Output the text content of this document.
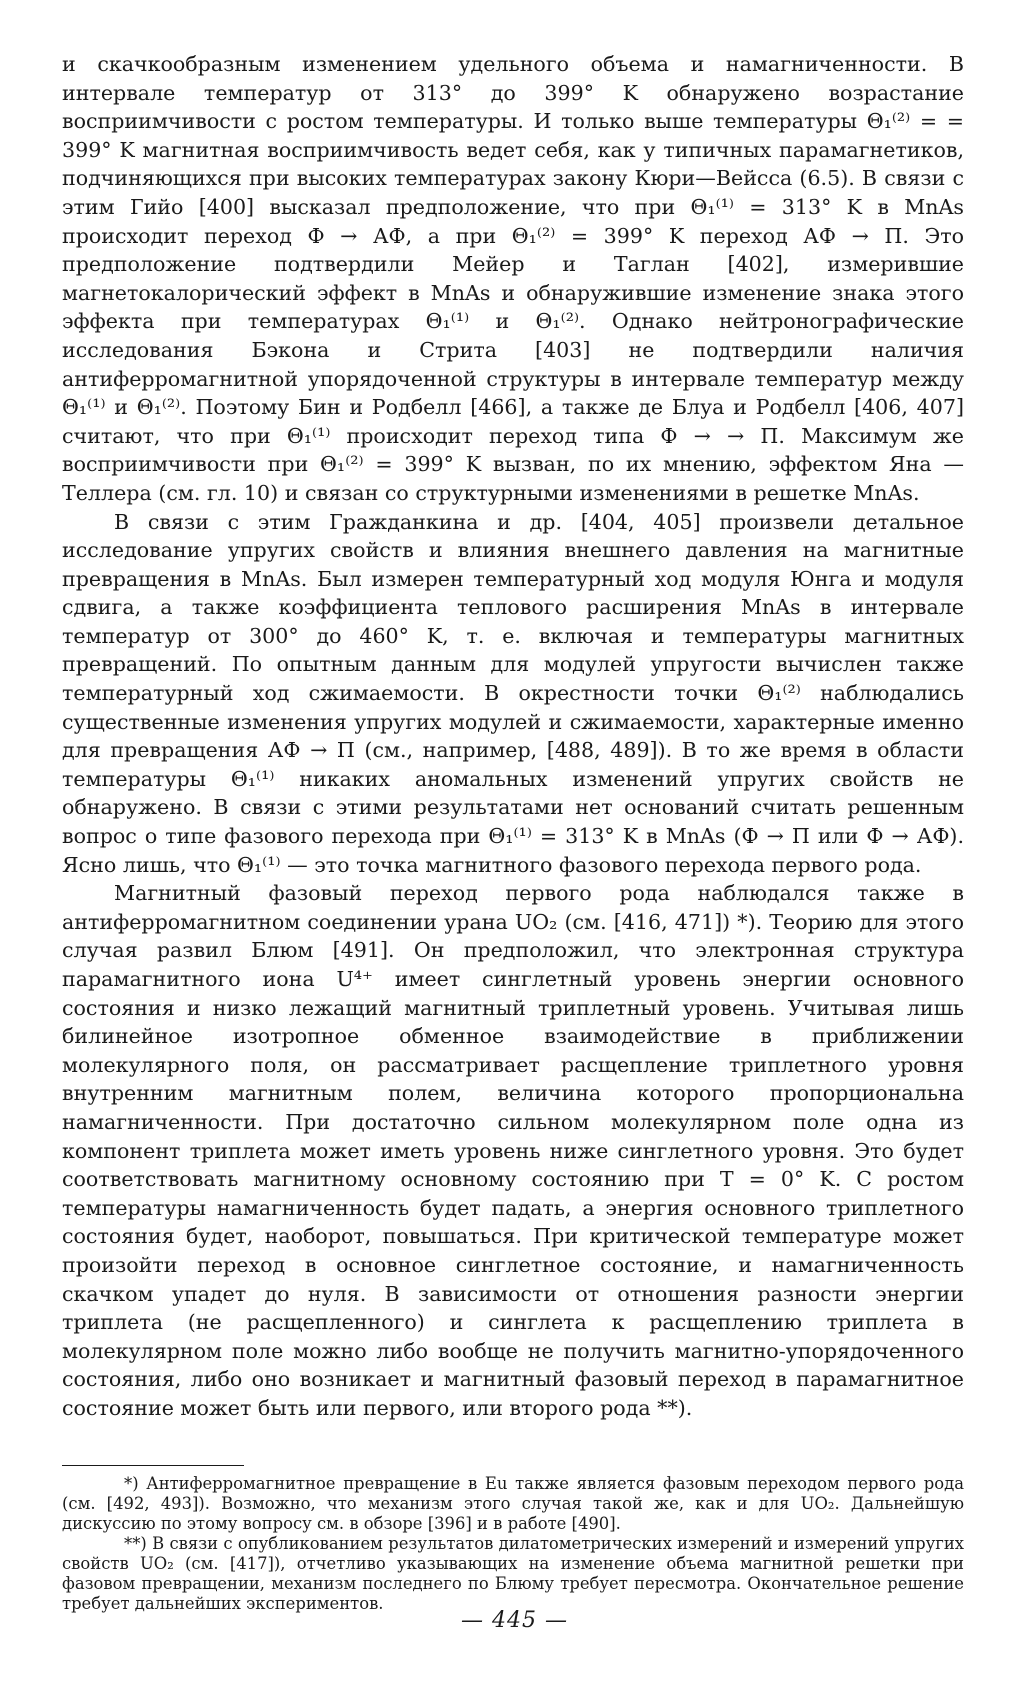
и скачкообразным изменением удельного объема и намагниченности. В интервале температур от 313° до 399° K обнаружено возрастание восприимчивости с ростом температуры. И только выше температуры Θ₁⁽²⁾ = = 399° K магнитная восприимчивость ведет себя, как у типичных парамагнетиков, подчиняющихся при высоких температурах закону Кюри—Вейсса (6.5). В связи с этим Гийо [400] высказал предположение, что при Θ₁⁽¹⁾ = 313° K в MnAs происходит переход Ф → АФ, а при Θ₁⁽²⁾ = 399° K переход АФ → П. Это предположение подтвердили Мейер и Таглан [402], измерившие магнетокалорический эффект в MnAs и обнаружившие изменение знака этого эффекта при температурах Θ₁⁽¹⁾ и Θ₁⁽²⁾. Однако нейтронографические исследования Бэкона и Стрита [403] не подтвердили наличия антиферромагнитной упорядоченной структуры в интервале температур между Θ₁⁽¹⁾ и Θ₁⁽²⁾. Поэтому Бин и Родбелл [466], а также де Блуа и Родбелл [406, 407] считают, что при Θ₁⁽¹⁾ происходит переход типа Ф → → П. Максимум же восприимчивости при Θ₁⁽²⁾ = 399° K вызван, по их мнению, эффектом Яна — Теллера (см. гл. 10) и связан со структурными изменениями в решетке MnAs.

В связи с этим Гражданкина и др. [404, 405] произвели детальное исследование упругих свойств и влияния внешнего давления на магнитные превращения в MnAs. Был измерен температурный ход модуля Юнга и модуля сдвига, а также коэффициента теплового расширения MnAs в интервале температур от 300° до 460° K, т. е. включая и температуры магнитных превращений. По опытным данным для модулей упругости вычислен также температурный ход сжимаемости. В окрестности точки Θ₁⁽²⁾ наблюдались существенные изменения упругих модулей и сжимаемости, характерные именно для превращения АФ → П (см., например, [488, 489]). В то же время в области температуры Θ₁⁽¹⁾ никаких аномальных изменений упругих свойств не обнаружено. В связи с этими результатами нет оснований считать решенным вопрос о типе фазового перехода при Θ₁⁽¹⁾ = 313° K в MnAs (Ф → П или Ф → АФ). Ясно лишь, что Θ₁⁽¹⁾ — это точка магнитного фазового перехода первого рода.

Магнитный фазовый переход первого рода наблюдался также в антиферромагнитном соединении урана UO₂ (см. [416, 471]) *). Теорию для этого случая развил Блюм [491]. Он предположил, что электронная структура парамагнитного иона U⁴⁺ имеет синглетный уровень энергии основного состояния и низко лежащий магнитный триплетный уровень. Учитывая лишь билинейное изотропное обменное взаимодействие в приближении молекулярного поля, он рассматривает расщепление триплетного уровня внутренним магнитным полем, величина которого пропорциональна намагниченности. При достаточно сильном молекулярном поле одна из компонент триплета может иметь уровень ниже синглетного уровня. Это будет соответствовать магнитному основному состоянию при T = 0° K. С ростом температуры намагниченность будет падать, а энергия основного триплетного состояния будет, наоборот, повышаться. При критической температуре может произойти переход в основное синглетное состояние, и намагниченность скачком упадет до нуля. В зависимости от отношения разности энергии триплета (не расщепленного) и синглета к расщеплению триплета в молекулярном поле можно либо вообще не получить магнитно-упорядоченного состояния, либо оно возникает и магнитный фазовый переход в парамагнитное состояние может быть или первого, или второго рода **).

*) Антиферромагнитное превращение в Eu также является фазовым переходом первого рода (см. [492, 493]). Возможно, что механизм этого случая такой же, как и для UO₂. Дальнейшую дискуссию по этому вопросу см. в обзоре [396] и в работе [490].

**) В связи с опубликованием результатов дилатометрических измерений и измерений упругих свойств UO₂ (см. [417]), отчетливо указывающих на изменение объема магнитной решетки при фазовом превращении, механизм последнего по Блюму требует пересмотра. Окончательное решение требует дальнейших экспериментов.

— 445 —
